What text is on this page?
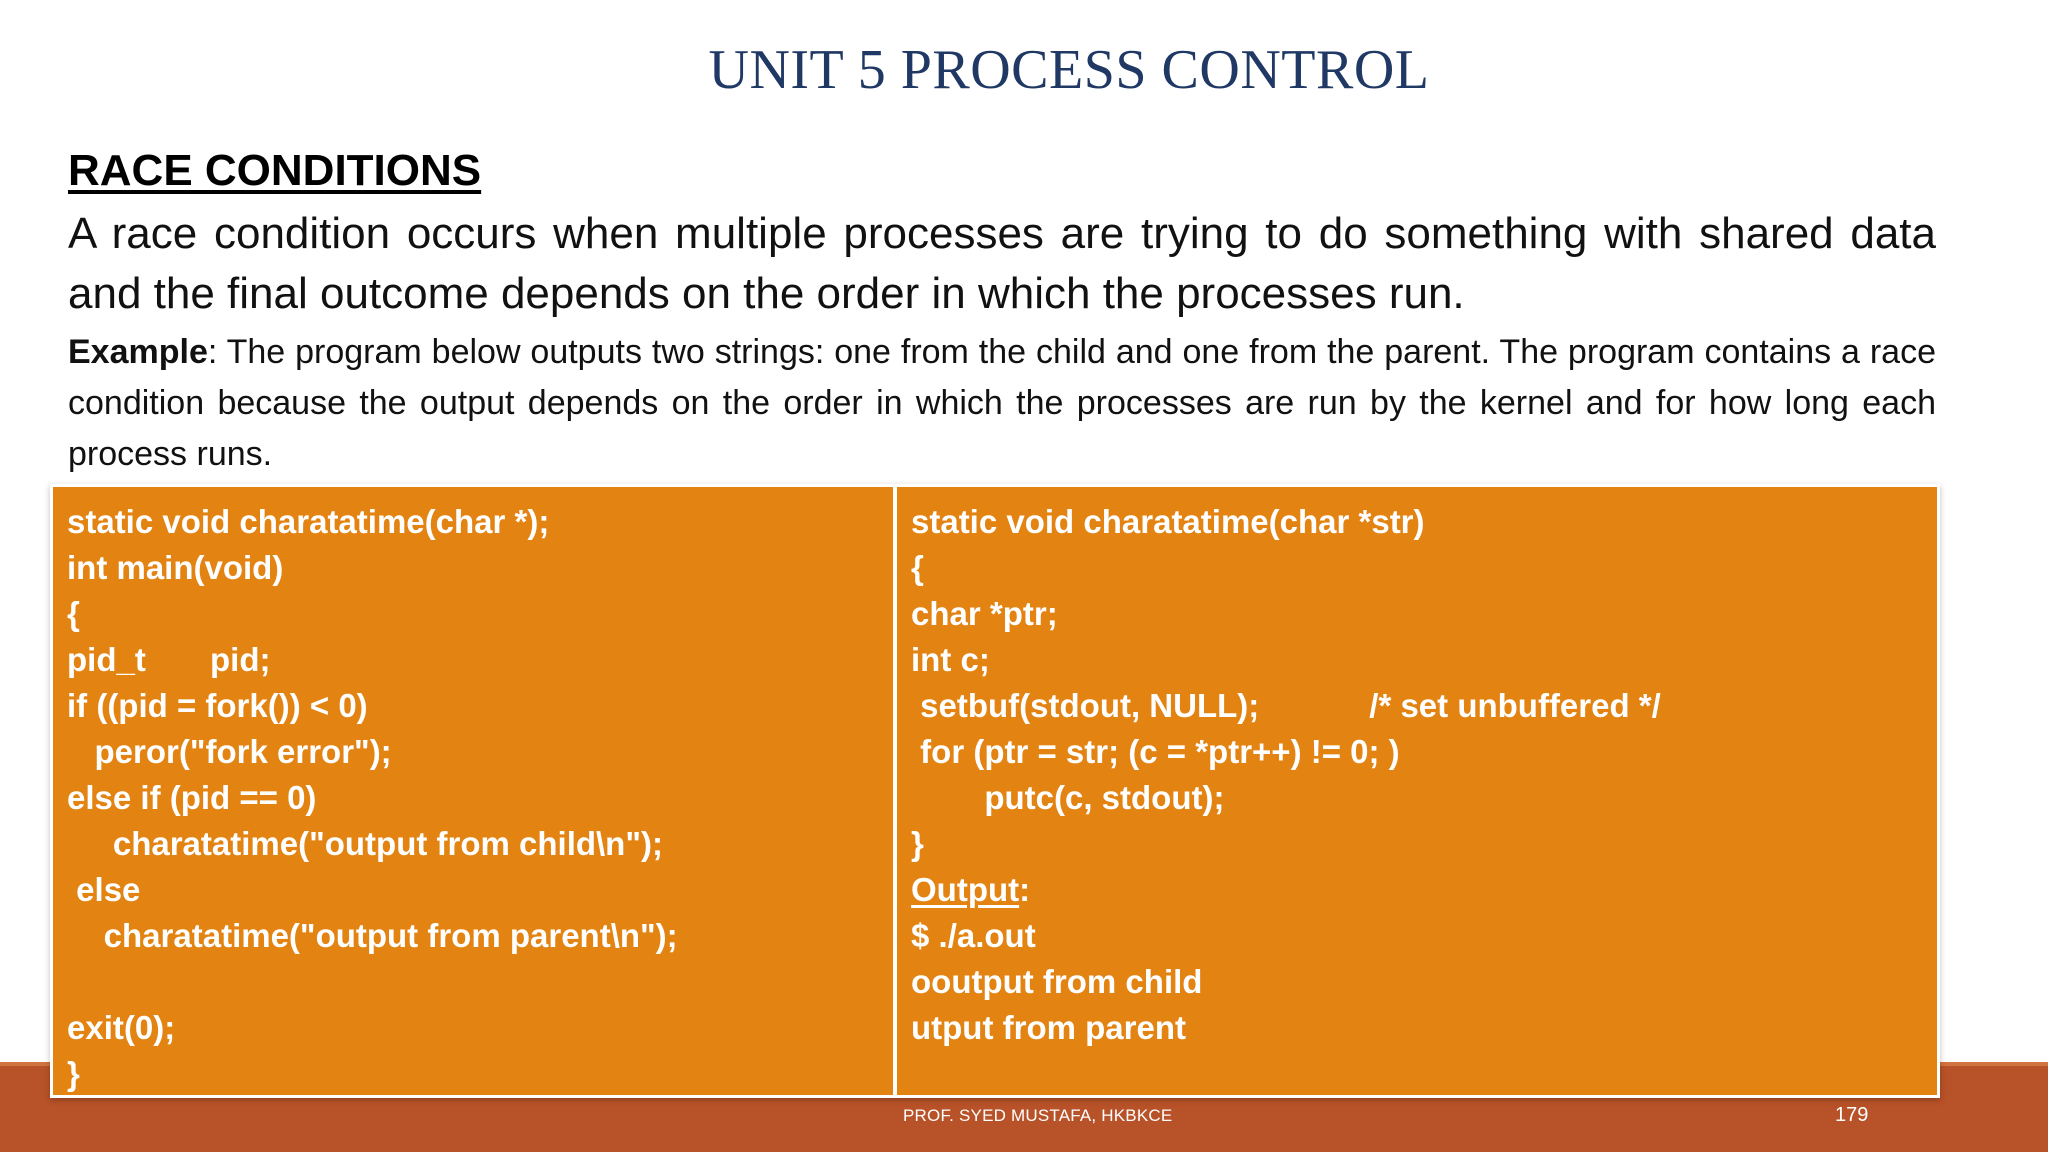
UNIT 5 PROCESS CONTROL
RACE CONDITIONS

A race condition occurs when multiple processes are trying to do something with shared data and the final outcome depends on the order in which the processes run.

Example: The program below outputs two strings: one from the child and one from the parent. The program contains a race condition because the output depends on the order in which the processes are run by the kernel and for how long each process runs.

static void charatatime(char *);
int main(void)
{
pid_t       pid;
if ((pid = fork()) < 0)
peror("fork error");
else if (pid == 0)
charatatime("output from child\n");
else
charatatime("output from parent\n");
exit(0);
}
static void charatatime(char *str)
{
char *ptr;
int c;
setbuf(stdout, NULL);            /* set unbuffered */
for (ptr = str; (c = *ptr++) != 0; )
putc(c, stdout);
}
Output:
$ ./a.out
ooutput from child
utput from parent
PROF. SYED MUSTAFA, HKBKCE	179
